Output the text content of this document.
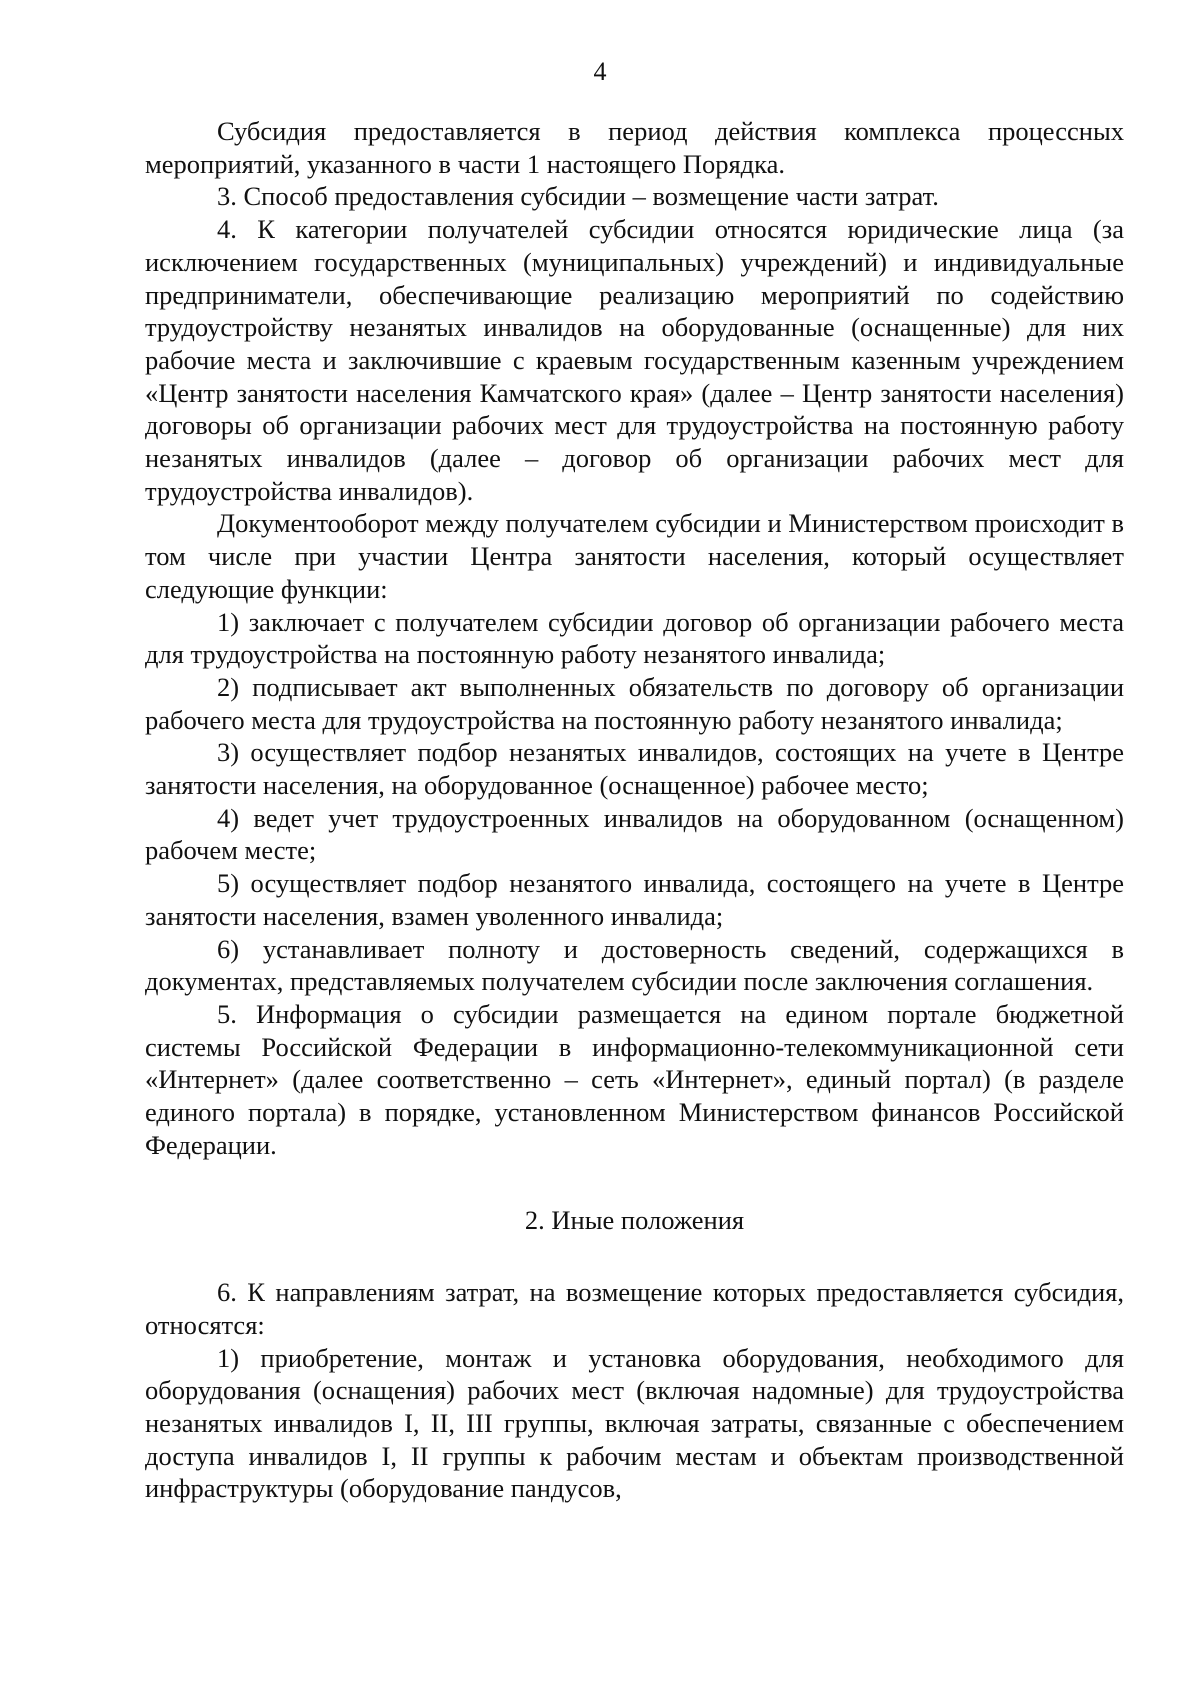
4

Субсидия предоставляется в период действия комплекса процессных мероприятий, указанного в части 1 настоящего Порядка.

3. Способ предоставления субсидии – возмещение части затрат.

4. К категории получателей субсидии относятся юридические лица (за исключением государственных (муниципальных) учреждений) и индивидуальные предприниматели, обеспечивающие реализацию мероприятий по содействию трудоустройству незанятых инвалидов на оборудованные (оснащенные) для них рабочие места и заключившие с краевым государственным казенным учреждением «Центр занятости населения Камчатского края» (далее – Центр занятости населения) договоры об организации рабочих мест для трудоустройства на постоянную работу незанятых инвалидов (далее – договор об организации рабочих мест для трудоустройства инвалидов).

Документооборот между получателем субсидии и Министерством происходит в том числе при участии Центра занятости населения, который осуществляет следующие функции:

1) заключает с получателем субсидии договор об организации рабочего места для трудоустройства на постоянную работу незанятого инвалида;

2) подписывает акт выполненных обязательств по договору об организации рабочего места для трудоустройства на постоянную работу незанятого инвалида;

3) осуществляет подбор незанятых инвалидов, состоящих на учете в Центре занятости населения, на оборудованное (оснащенное) рабочее место;

4) ведет учет трудоустроенных инвалидов на оборудованном (оснащенном) рабочем месте;

5) осуществляет подбор незанятого инвалида, состоящего на учете в Центре занятости населения, взамен уволенного инвалида;

6) устанавливает полноту и достоверность сведений, содержащихся в документах, представляемых получателем субсидии после заключения соглашения.

5. Информация о субсидии размещается на едином портале бюджетной системы Российской Федерации в информационно-телекоммуникационной сети «Интернет» (далее соответственно – сеть «Интернет», единый портал) (в разделе единого портала) в порядке, установленном Министерством финансов Российской Федерации.

2. Иные положения

6. К направлениям затрат, на возмещение которых предоставляется субсидия, относятся:

1) приобретение, монтаж и установка оборудования, необходимого для оборудования (оснащения) рабочих мест (включая надомные) для трудоустройства незанятых инвалидов I, II, III группы, включая затраты, связанные с обеспечением доступа инвалидов I, II группы к рабочим местам и объектам производственной инфраструктуры (оборудование пандусов,
